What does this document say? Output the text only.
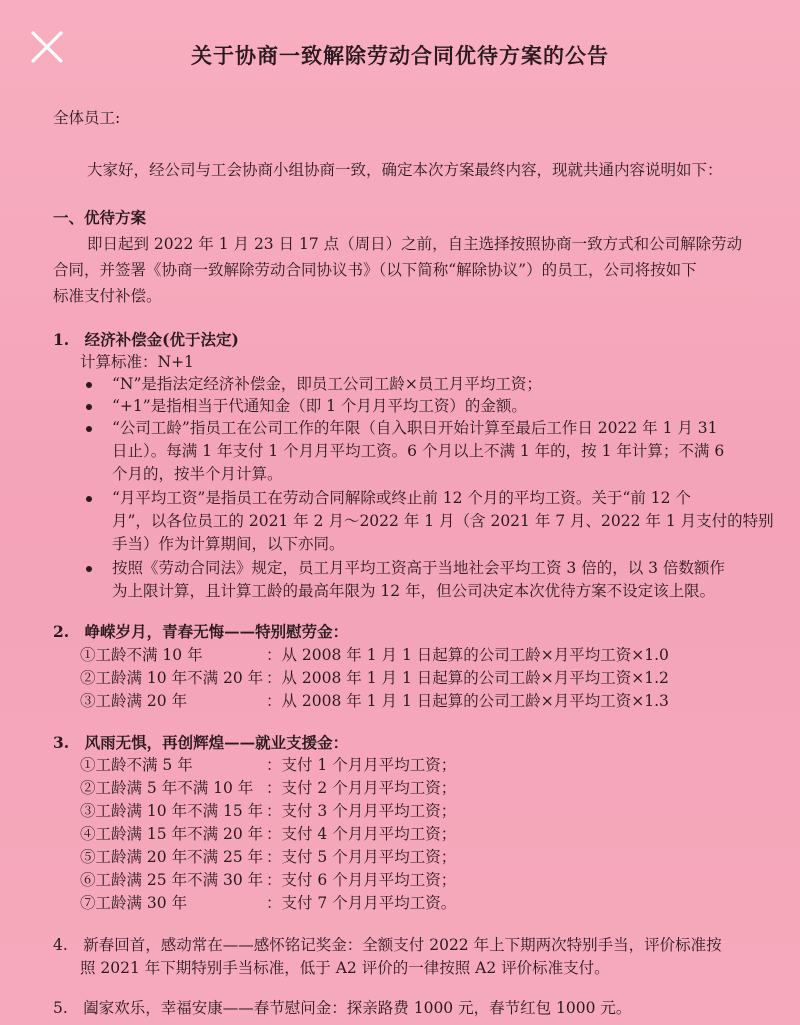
关于协商一致解除劳动合同优待方案的公告
全体员工:
大家好，经公司与工会协商小组协商一致，确定本次方案最终内容，现就共通内容说明如下：
一、优待方案
即日起到 2022 年 1 月 23 日 17 点（周日）之前，自主选择按照协商一致方式和公司解除劳动
合同，并签署《协商一致解除劳动合同协议书》（以下简称“解除协议”）的员工，公司将按如下
标准支付补偿。
1.　经济补偿金(优于法定)
计算标准：N+1
“N”是指法定经济补偿金，即员工公司工龄×员工月平均工资；
“+1”是指相当于代通知金（即 1 个月月平均工资）的金额。
“公司工龄”指员工在公司工作的年限（自入职日开始计算至最后工作日 2022 年 1 月 31
日止）。每满 1 年支付 1 个月月平均工资。6 个月以上不满 1 年的，按 1 年计算；不满 6
个月的，按半个月计算。
“月平均工资”是指员工在劳动合同解除或终止前 12 个月的平均工资。关于“前 12 个
月”，以各位员工的 2021 年 2 月～2022 年 1 月（含 2021 年 7 月、2022 年 1 月支付的特别
手当）作为计算期间，以下亦同。
按照《劳动合同法》规定，员工月平均工资高于当地社会平均工资 3 倍的，以 3 倍数额作
为上限计算，且计算工龄的最高年限为 12 年，但公司决定本次优待方案不设定该上限。
2.　峥嵘岁月，青春无悔——特别慰劳金：
①工龄不满 10 年	：从 2008 年 1 月 1 日起算的公司工龄×月平均工资×1.0
②工龄满 10 年不满 20 年 ：从 2008 年 1 月 1 日起算的公司工龄×月平均工资×1.2
③工龄满 20 年	：从 2008 年 1 月 1 日起算的公司工龄×月平均工资×1.3
3.　风雨无惧，再创辉煌——就业支援金：
①工龄不满 5 年	：支付 1 个月月平均工资；
②工龄满 5 年不满 10 年 ：支付 2 个月月平均工资；
③工龄满 10 年不满 15 年 ：支付 3 个月月平均工资；
④工龄满 15 年不满 20 年 ：支付 4 个月月平均工资；
⑤工龄满 20 年不满 25 年 ：支付 5 个月月平均工资；
⑥工龄满 25 年不满 30 年 ：支付 6 个月月平均工资；
⑦工龄满 30 年	：支付 7 个月月平均工资。
4.　新春回首，感动常在——感怀铭记奖金：全额支付 2022 年上下期两次特别手当，评价标准按
照 2021 年下期特别手当标准，低于 A2 评价的一律按照 A2 评价标准支付。
5.　阖家欢乐，幸福安康——春节慰问金：探亲路费 1000 元，春节红包 1000 元。
